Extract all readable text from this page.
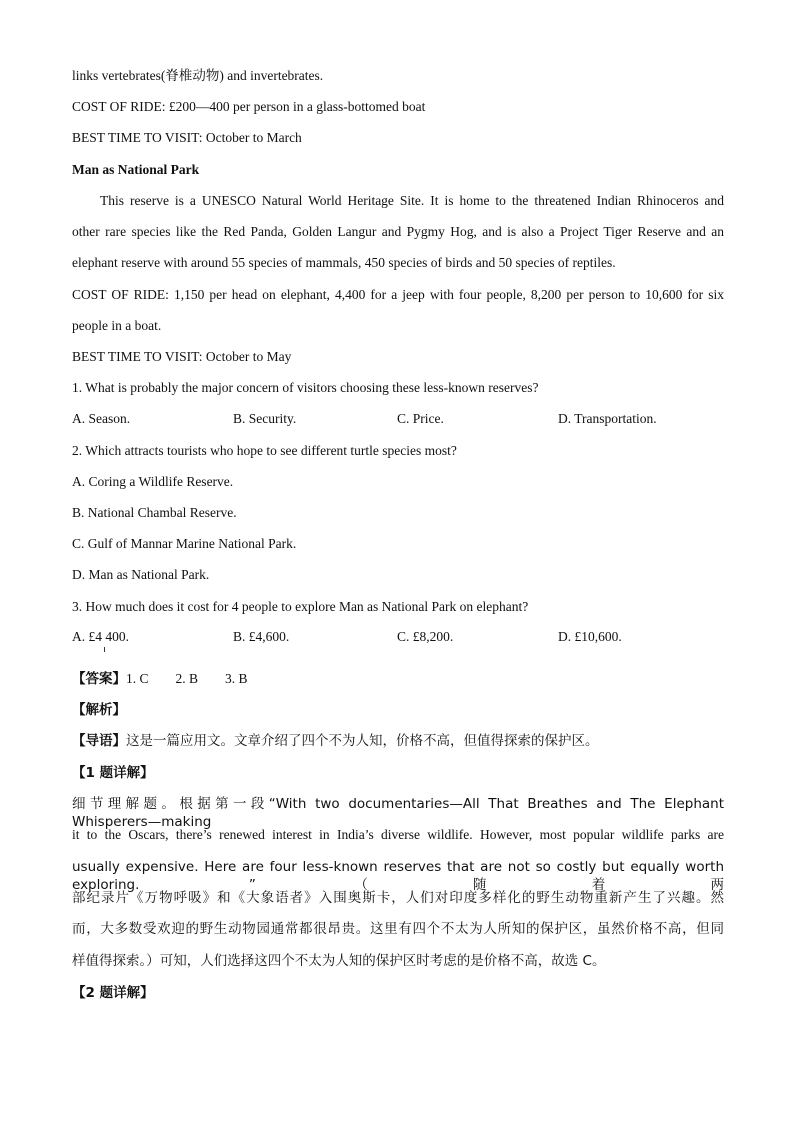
links vertebrates(脊椎动物) and invertebrates.
COST OF RIDE: £200—400 per person in a glass-bottomed boat
BEST TIME TO VISIT: October to March
Man as National Park
This reserve is a UNESCO Natural World Heritage Site. It is home to the threatened Indian Rhinoceros and
other rare species like the Red Panda, Golden Langur and Pygmy Hog, and is also a Project Tiger Reserve and an
elephant reserve with around 55 species of mammals, 450 species of birds and 50 species of reptiles.
COST OF RIDE: 1,150 per head on elephant, 4,400 for a jeep with four people, 8,200 per person to 10,600 for six
people in a boat.
BEST TIME TO VISIT: October to May
1. What is probably the major concern of visitors choosing these less-known reserves?
A. Season.	B. Security.	C. Price.	D. Transportation.
2. Which attracts tourists who hope to see different turtle species most?
A. Coring a Wildlife Reserve.
B. National Chambal Reserve.
C. Gulf of Mannar Marine National Park.
D. Man as National Park.
3. How much does it cost for 4 people to explore Man as National Park on elephant?
A. £4 400.	B. £4,600.	C. £8,200.	D. £10,600.
【答案】1. C        2. B        3. B
【解析】
【导语】这是一篇应用文。文章介绍了四个不为人知，价格不高，但值得探索的保护区。
【1 题详解】
细节理解题。根据第一段“With two documentaries—All That Breathes and The Elephant Whisperers—making
it to the Oscars, there’s renewed interest in India’s diverse wildlife. However, most popular wildlife parks are
usually expensive. Here are four less-known reserves that are not so costly but equally worth exploring. ”（随着两
部纪录片《万物呼吸》和《大象语者》入围奥斯卡，人们对印度多样化的野生动物重新产生了兴趣。然
而，大多数受欢迎的野生动物园通常都很昂贵。这里有四个不太为人所知的保护区，虽然价格不高，但同
样值得探索。）可知，人们选择这四个不太为人知的保护区时考虑的是价格不高，故选 C。
【2 题详解】
